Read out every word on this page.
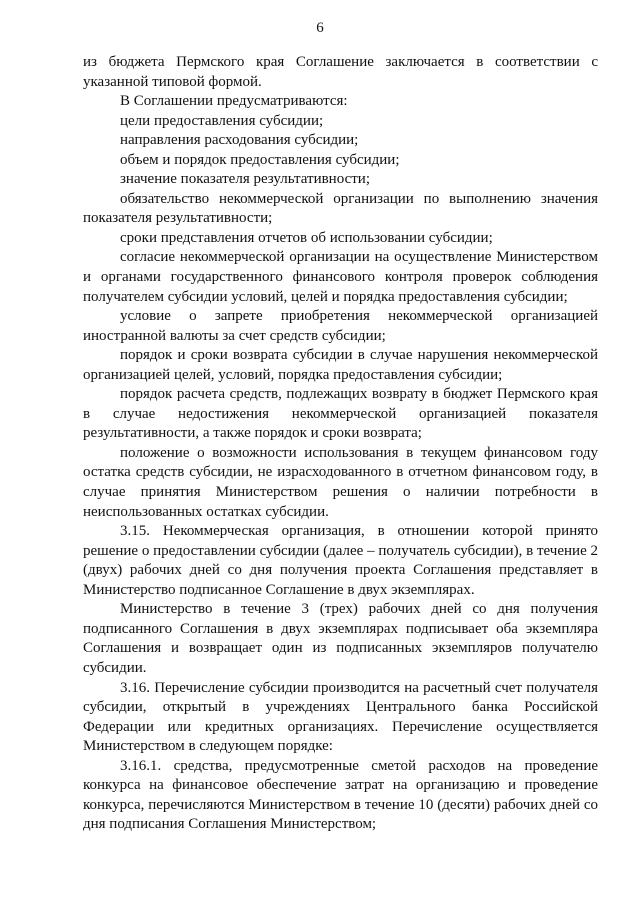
6

из бюджета Пермского края Соглашение заключается в соответствии с указанной типовой формой.

В Соглашении предусматриваются:

цели предоставления субсидии;

направления расходования субсидии;

объем и порядок предоставления субсидии;

значение показателя результативности;

обязательство некоммерческой организации по выполнению значения показателя результативности;

сроки представления отчетов об использовании субсидии;

согласие некоммерческой организации на осуществление Министерством и органами государственного финансового контроля проверок соблюдения получателем субсидии условий, целей и порядка предоставления субсидии;

условие о запрете приобретения некоммерческой организацией иностранной валюты за счет средств субсидии;

порядок и сроки возврата субсидии в случае нарушения некоммерческой организацией целей, условий, порядка предоставления субсидии;

порядок расчета средств, подлежащих возврату в бюджет Пермского края в случае недостижения некоммерческой организацией показателя результативности, а также порядок и сроки возврата;

положение о возможности использования в текущем финансовом году остатка средств субсидии, не израсходованного в отчетном финансовом году, в случае принятия Министерством решения о наличии потребности в неиспользованных остатках субсидии.

3.15. Некоммерческая организация, в отношении которой принято решение о предоставлении субсидии (далее – получатель субсидии), в течение 2 (двух) рабочих дней со дня получения проекта Соглашения представляет в Министерство подписанное Соглашение в двух экземплярах.

Министерство в течение 3 (трех) рабочих дней со дня получения подписанного Соглашения в двух экземплярах подписывает оба экземпляра Соглашения и возвращает один из подписанных экземпляров получателю субсидии.

3.16. Перечисление субсидии производится на расчетный счет получателя субсидии, открытый в учреждениях Центрального банка Российской Федерации или кредитных организациях. Перечисление осуществляется Министерством в следующем порядке:

3.16.1. средства, предусмотренные сметой расходов на проведение конкурса на финансовое обеспечение затрат на организацию и проведение конкурса, перечисляются Министерством в течение 10 (десяти) рабочих дней со дня подписания Соглашения Министерством;
